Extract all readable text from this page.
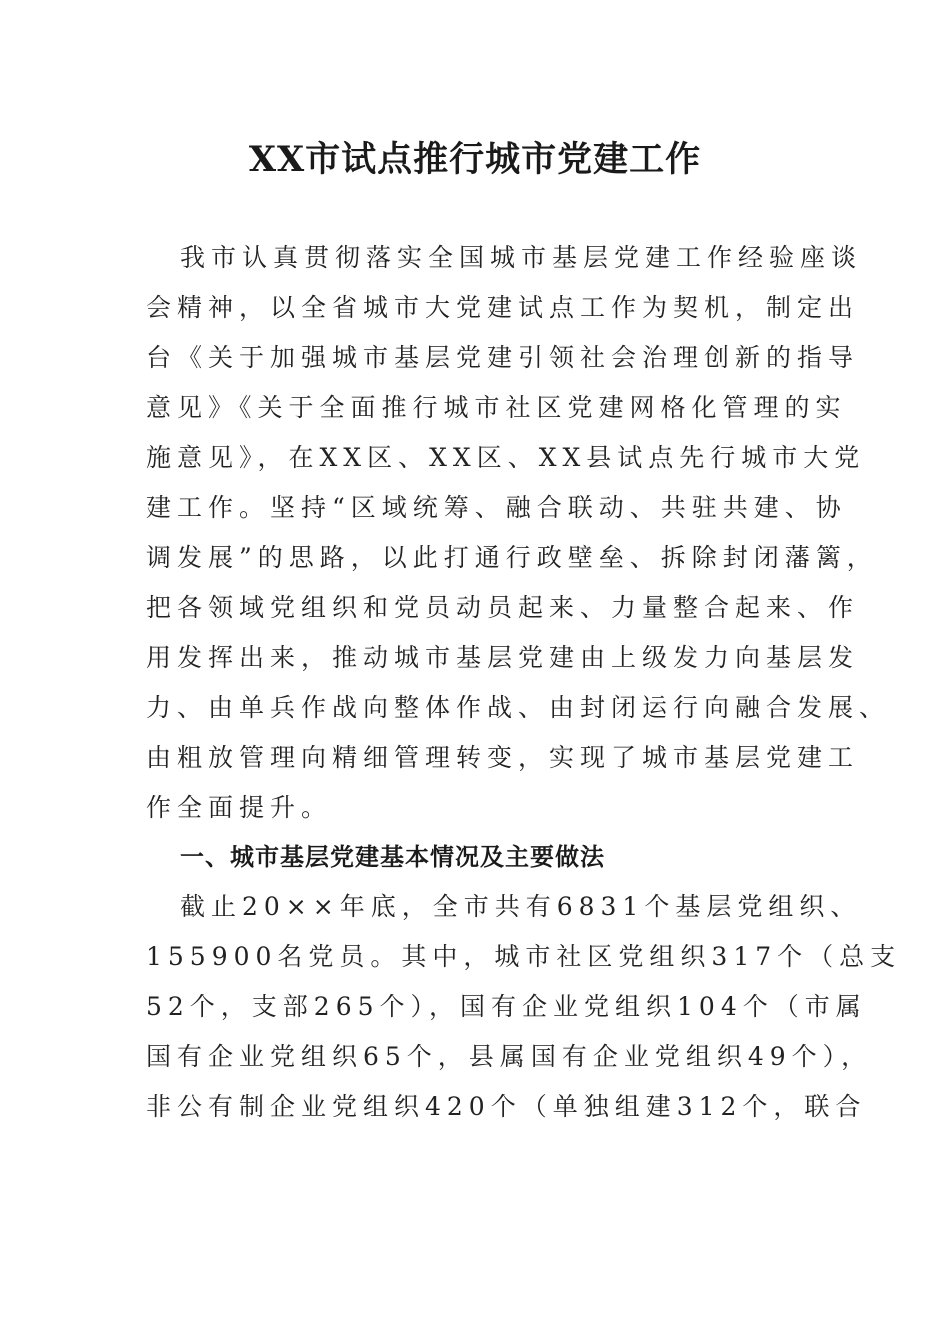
XX市试点推行城市党建工作
我市认真贯彻落实全国城市基层党建工作经验座谈
会精神，以全省城市大党建试点工作为契机，制定出
台《关于加强城市基层党建引领社会治理创新的指导
意见》《关于全面推行城市社区党建网格化管理的实
施意见》，在XX区、XX区、XX县试点先行城市大党
建工作。坚持“区域统筹、融合联动、共驻共建、协
调发展”的思路，以此打通行政壁垒、拆除封闭藩篱，
把各领域党组织和党员动员起来、力量整合起来、作
用发挥出来，推动城市基层党建由上级发力向基层发
力、由单兵作战向整体作战、由封闭运行向融合发展、
由粗放管理向精细管理转变，实现了城市基层党建工
作全面提升。
一、城市基层党建基本情况及主要做法
截止20××年底，全市共有6831个基层党组织、
155900名党员。其中，城市社区党组织317个（总支
52个，支部265个），国有企业党组织104个（市属
国有企业党组织65个，县属国有企业党组织49个），
非公有制企业党组织420个（单独组建312个，联合
